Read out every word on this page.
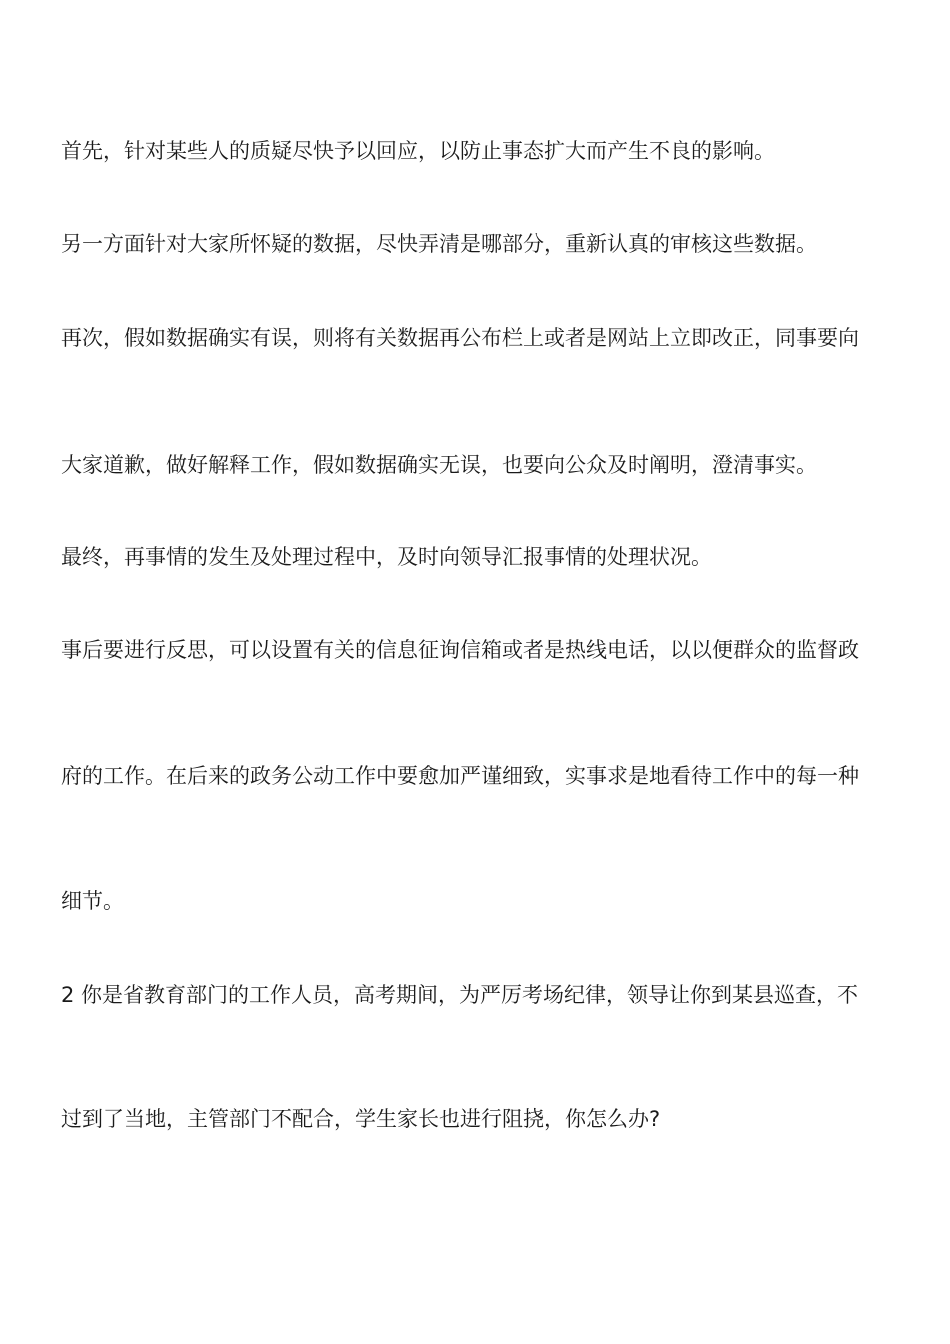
首先，针对某些人的质疑尽快予以回应，以防止事态扩大而产生不良的影响。
另一方面针对大家所怀疑的数据，尽快弄清是哪部分，重新认真的审核这些数据。
再次，假如数据确实有误，则将有关数据再公布栏上或者是网站上立即改正，同事要向
大家道歉，做好解释工作，假如数据确实无误，也要向公众及时阐明，澄清事实。
最终，再事情的发生及处理过程中，及时向领导汇报事情的处理状况。
事后要进行反思，可以设置有关的信息征询信箱或者是热线电话，以以便群众的监督政
府的工作。在后来的政务公动工作中要愈加严谨细致，实事求是地看待工作中的每一种
细节。
2 你是省教育部门的工作人员，高考期间，为严厉考场纪律，领导让你到某县巡查，不
过到了当地，主管部门不配合，学生家长也进行阻挠，你怎么办?
